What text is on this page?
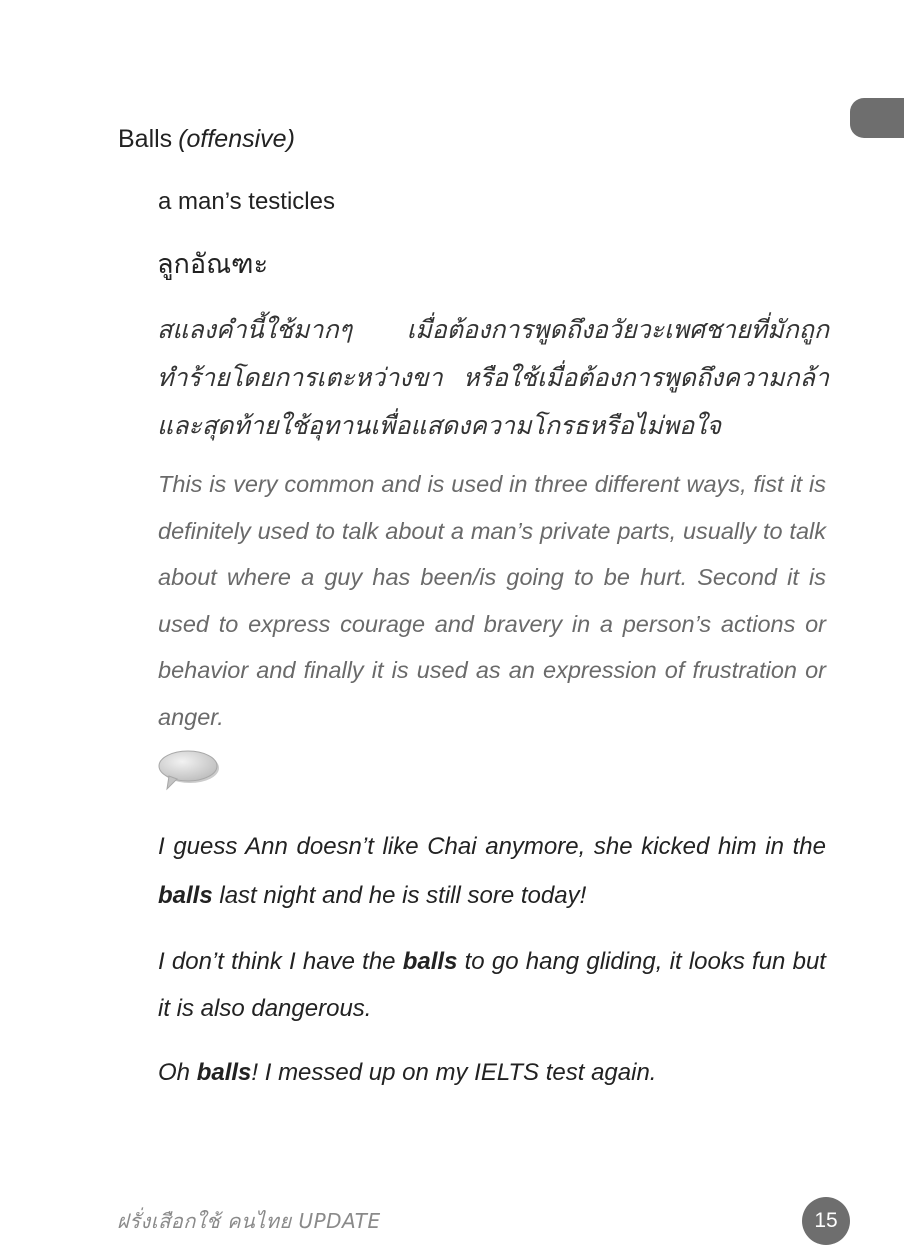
Balls (offensive)
a man’s testicles
ลูกอัณฑะ
สแลงคำนี้ใช้มากๆ เมื่อต้องการพูดถึงอวัยวะเพศชายที่มักถูกทำร้ายโดยการเตะหว่างขา หรือใช้เมื่อต้องการพูดถึงความกล้าและสุดท้ายใช้อุทานเพื่อแสดงความโกรธหรือไม่พอใจ
This is very common and is used in three different ways, fist it is definitely used to talk about a man’s private parts, usually to talk about where a guy has been/is going to be hurt. Second it is used to express courage and bravery in a person’s actions or behavior and finally it is used as an expression of frustration or anger.
I guess Ann doesn’t like Chai anymore, she kicked him in the balls last night and he is still sore today!
I don’t think I have the balls to go hang gliding, it looks fun but it is also dangerous.
Oh balls! I messed up on my IELTS test again.
ฝรั่งเสือกใช้ คนไทย UPDATE	15
